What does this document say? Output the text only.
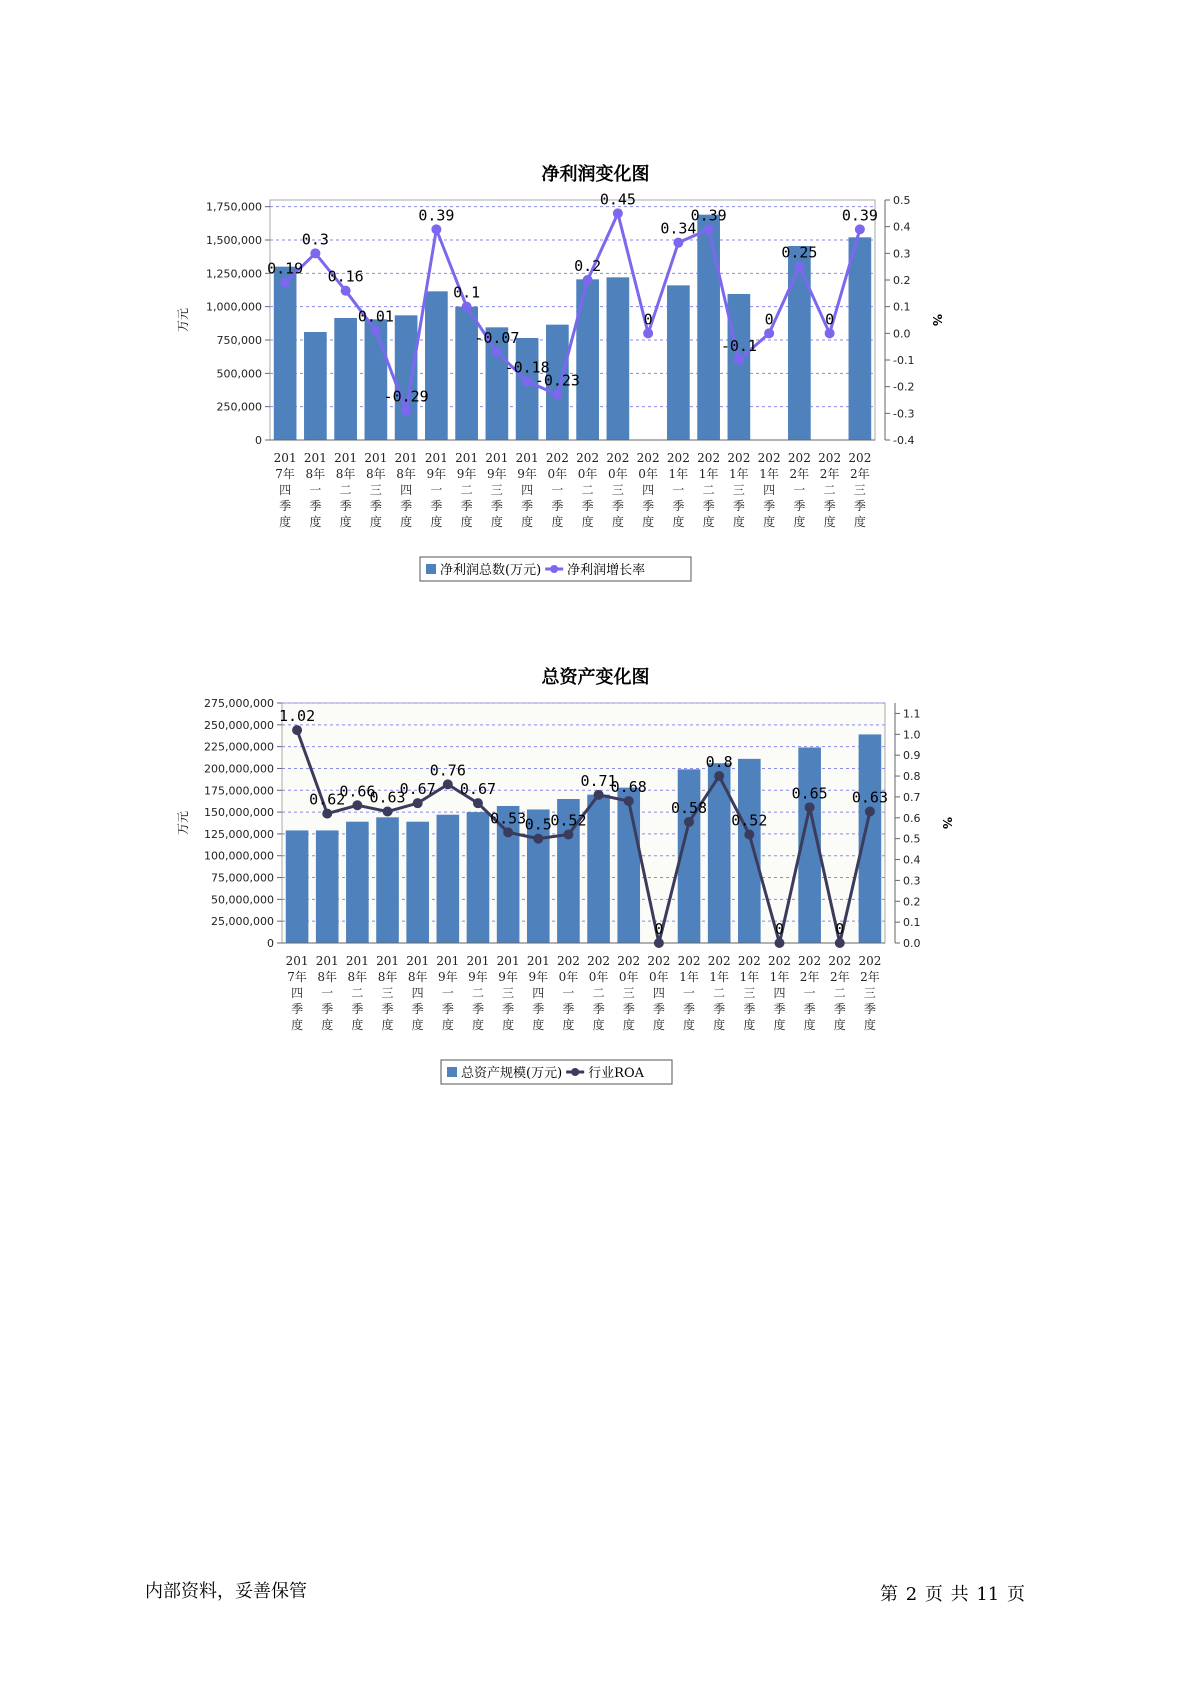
净利润变化图
0
250,000
500,000
750,000
1,000,000
1,250,000
1,500,000
1,750,000
-0.4
-0.3
-0.2
-0.1
0.0
0.1
0.2
0.3
0.4
0.5
万元	%
201
7年
四
季
度
201
8年
一
季
度
201
8年
二
季
度
201
8年
三
季
度
201
8年
四
季
度
201
9年
一
季
度
201
9年
二
季
度
201
9年
三
季
度
201
9年
四
季
度
202
0年
一
季
度
202
0年
二
季
度
202
0年
三
季
度
202
0年
四
季
度
202
1年
一
季
度
202
1年
二
季
度
202
1年
三
季
度
202
1年
四
季
度
202
2年
一
季
度
202
2年
二
季
度
202
2年
三
季
度
0.19
0.3
0.16
0.01
-0.29
0.39
0.1
-0.07
-0.18
-0.23
0.2
0.45
0
0.34
0.39
-0.1
0
0.25
0
0.39
净利润总数(万元) 净利润增长率
总资产变化图
0
25,000,000
50,000,000
75,000,000
100,000,000
125,000,000
150,000,000
175,000,000
200,000,000
225,000,000
250,000,000
275,000,000
0.0
0.1
0.2
0.3
0.4
0.5
0.6
0.7
0.8
0.9
1.0
1.1
万元	%
201
7年
四
季
度
201
8年
一
季
度
201
8年
二
季
度
201
8年
三
季
度
201
8年
四
季
度
201
9年
一
季
度
201
9年
二
季
度
201
9年
三
季
度
201
9年
四
季
度
202
0年
一
季
度
202
0年
二
季
度
202
0年
三
季
度
202
0年
四
季
度
202
1年
一
季
度
202
1年
二
季
度
202
1年
三
季
度
202
1年
四
季
度
202
2年
一
季
度
202
2年
二
季
度
202
2年
三
季
度
1.02
0.62
0.66
0.63
0.67
0.76
0.67
0.53
0.5
0.52
0.71
0.68
0
0.58
0.8
0.52
0
0.65
0
0.63
总资产规模(万元) 行业ROA
内部资料，妥善保管	第 2 页 共 11 页
